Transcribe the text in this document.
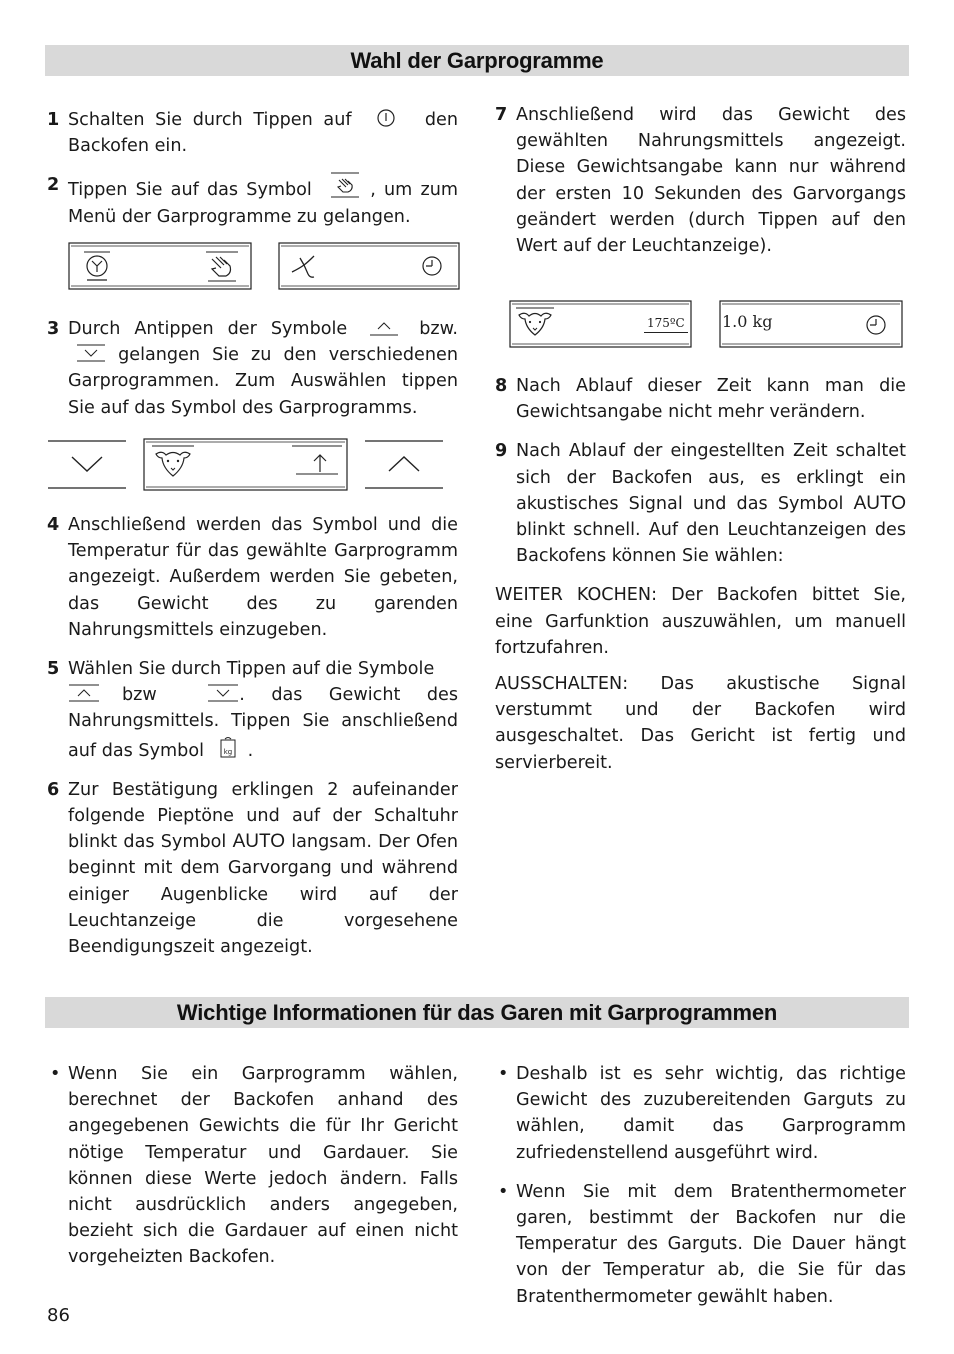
Wahl der Garprogramme
1 Schalten Sie durch Tippen auf	den Backofen ein.
2 Tippen Sie auf das Symbol	, um zum Menü der Garprogramme zu gelangen.
3 Durch Antippen der Symbole	bzw.
gelangen Sie zu den verschiedenen Garprogrammen. Zum Auswählen tippen Sie auf das Symbol des Garprogramms.
4 Anschließend werden das Symbol und die Temperatur für das gewählte Garprogramm angezeigt. Außerdem werden Sie gebeten, das Gewicht des zu garenden Nahrungsmittels einzugeben.
5 Wählen Sie durch Tippen auf die Symbole

bzw	. das Gewicht des Nahrungsmittels. Tippen Sie anschließend auf das Symbol	kg .
6 Zur Bestätigung erklingen 2 aufeinander folgende Pieptöne und auf der Schaltuhr blinkt das Symbol AUTO langsam. Der Ofen beginnt mit dem Garvorgang und während einiger Augenblicke wird auf der Leuchtanzeige die vorgesehene Beendigungszeit angezeigt.
7 Anschließend wird das Gewicht des gewählten Nahrungsmittels angezeigt. Diese Gewichtsangabe kann nur während der ersten 10 Sekunden des Garvorgangs geändert werden (durch Tippen auf den Wert auf der Leuchtanzeige).
175ºC 1.0 kg
8 Nach Ablauf dieser Zeit kann man die Gewichtsangabe nicht mehr verändern.
9 Nach Ablauf der eingestellten Zeit schaltet sich der Backofen aus, es erklingt ein akustisches Signal und das Symbol AUTO blinkt schnell. Auf den Leuchtanzeigen des Backofens können Sie wählen:

WEITER KOCHEN: Der Backofen bittet Sie, eine Garfunktion auszuwählen, um manuell fortzufahren.

AUSSCHALTEN: Das akustische Signal verstummt und der Backofen wird ausgeschaltet. Das Gericht ist fertig und servierbereit.

Wichtige Informationen für das Garen mit Garprogrammen
• Wenn Sie ein Garprogramm wählen, berechnet der Backofen anhand des angegebenen Gewichts die für Ihr Gericht nötige Temperatur und Gardauer. Sie können diese Werte jedoch ändern. Falls nicht ausdrücklich anders angegeben, bezieht sich die Gardauer auf einen nicht vorgeheizten Backofen.
• Deshalb ist es sehr wichtig, das richtige Gewicht des zuzubereitenden Garguts zu wählen, damit das Garprogramm zufriedenstellend ausgeführt wird.
• Wenn Sie mit dem Bratenthermometer garen, bestimmt der Backofen nur die Temperatur des Garguts. Die Dauer hängt von der Temperatur ab, die Sie für das Bratenthermometer gewählt haben.
86
